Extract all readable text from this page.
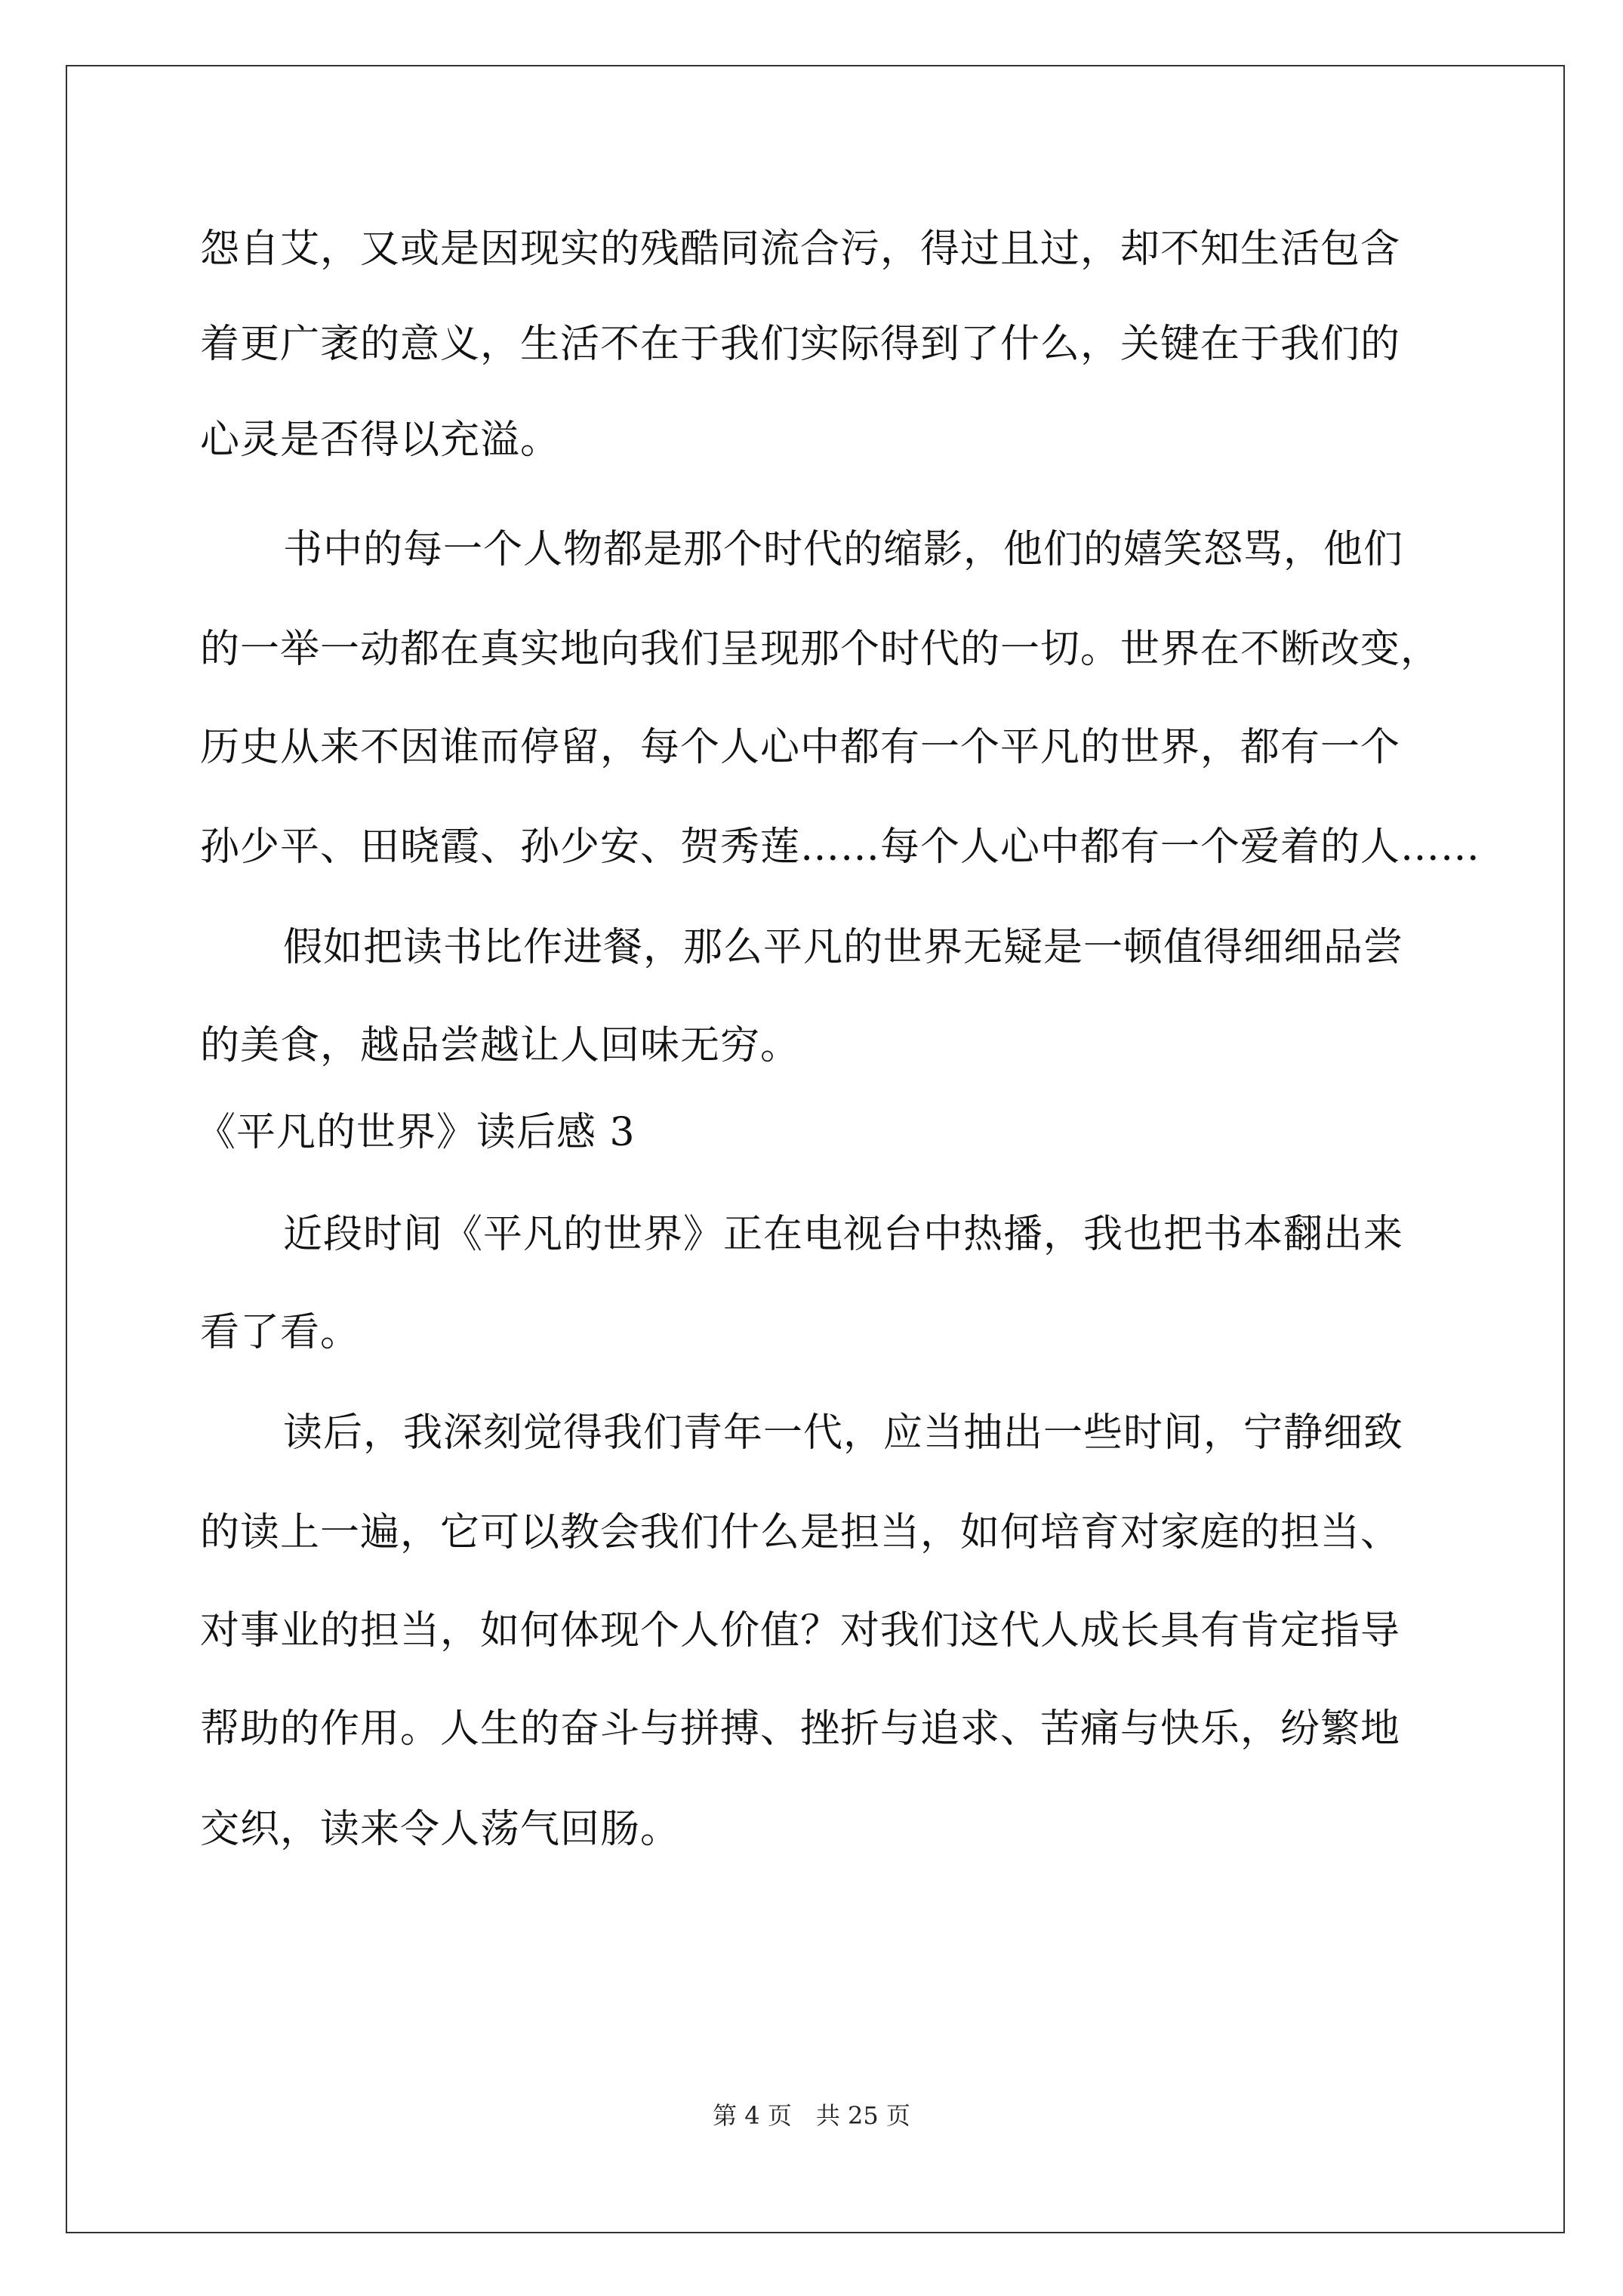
怨自艾，又或是因现实的残酷同流合污，得过且过，却不知生活包含
着更广袤的意义，生活不在于我们实际得到了什么，关键在于我们的
心灵是否得以充溢。
书中的每一个人物都是那个时代的缩影，他们的嬉笑怒骂，他们
的一举一动都在真实地向我们呈现那个时代的一切。世界在不断改变，
历史从来不因谁而停留，每个人心中都有一个平凡的世界，都有一个
孙少平、田晓霞、孙少安、贺秀莲……每个人心中都有一个爱着的人……
假如把读书比作进餐，那么平凡的世界无疑是一顿值得细细品尝
的美食，越品尝越让人回味无穷。
《平凡的世界》读后感 3
近段时间《平凡的世界》正在电视台中热播，我也把书本翻出来
看了看。
读后，我深刻觉得我们青年一代，应当抽出一些时间，宁静细致
的读上一遍，它可以教会我们什么是担当，如何培育对家庭的担当、
对事业的担当，如何体现个人价值？对我们这代人成长具有肯定指导
帮助的作用。人生的奋斗与拼搏、挫折与追求、苦痛与快乐，纷繁地
交织，读来令人荡气回肠。
第 4 页　共 25 页
